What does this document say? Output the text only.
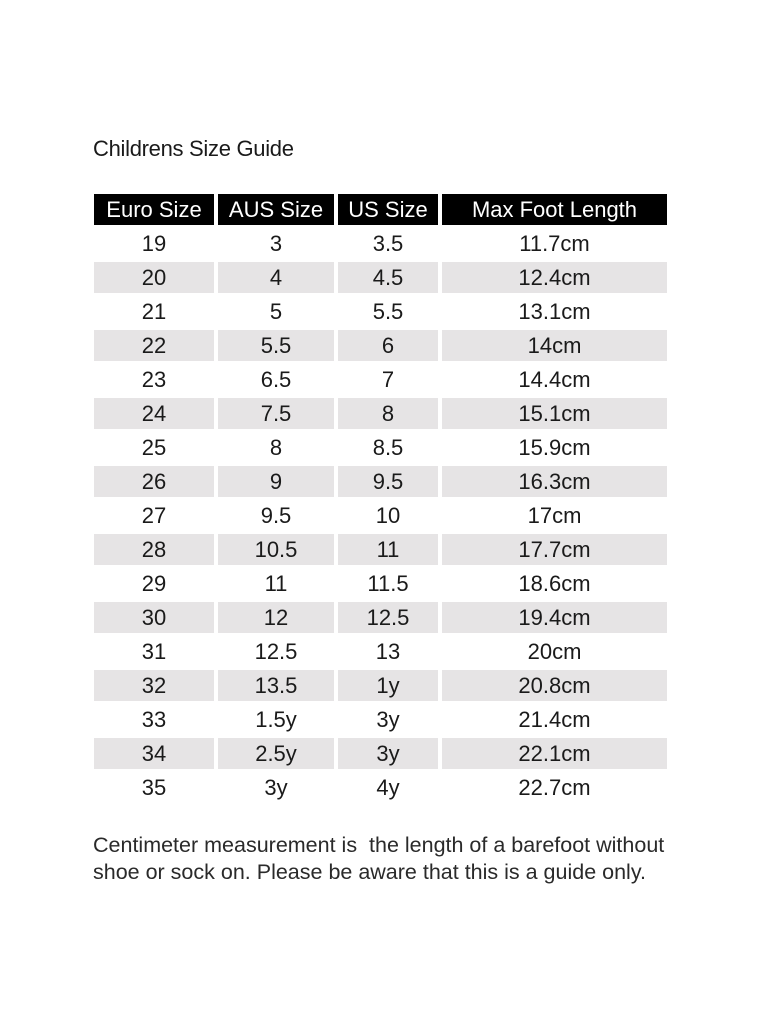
Childrens Size Guide
Euro Size	AUS Size	US Size	Max Foot Length
19	3	3.5	11.7cm
20	4	4.5	12.4cm
21	5	5.5	13.1cm
22	5.5	6	14cm
23	6.5	7	14.4cm
24	7.5	8	15.1cm
25	8	8.5	15.9cm
26	9	9.5	16.3cm
27	9.5	10	17cm
28	10.5	11	17.7cm
29	11	11.5	18.6cm
30	12	12.5	19.4cm
31	12.5	13	20cm
32	13.5	1y	20.8cm
33	1.5y	3y	21.4cm
34	2.5y	3y	22.1cm
35	3y	4y	22.7cm

Centimeter measurement is  the length of a barefoot without shoe or sock on. Please be aware that this is a guide only.
